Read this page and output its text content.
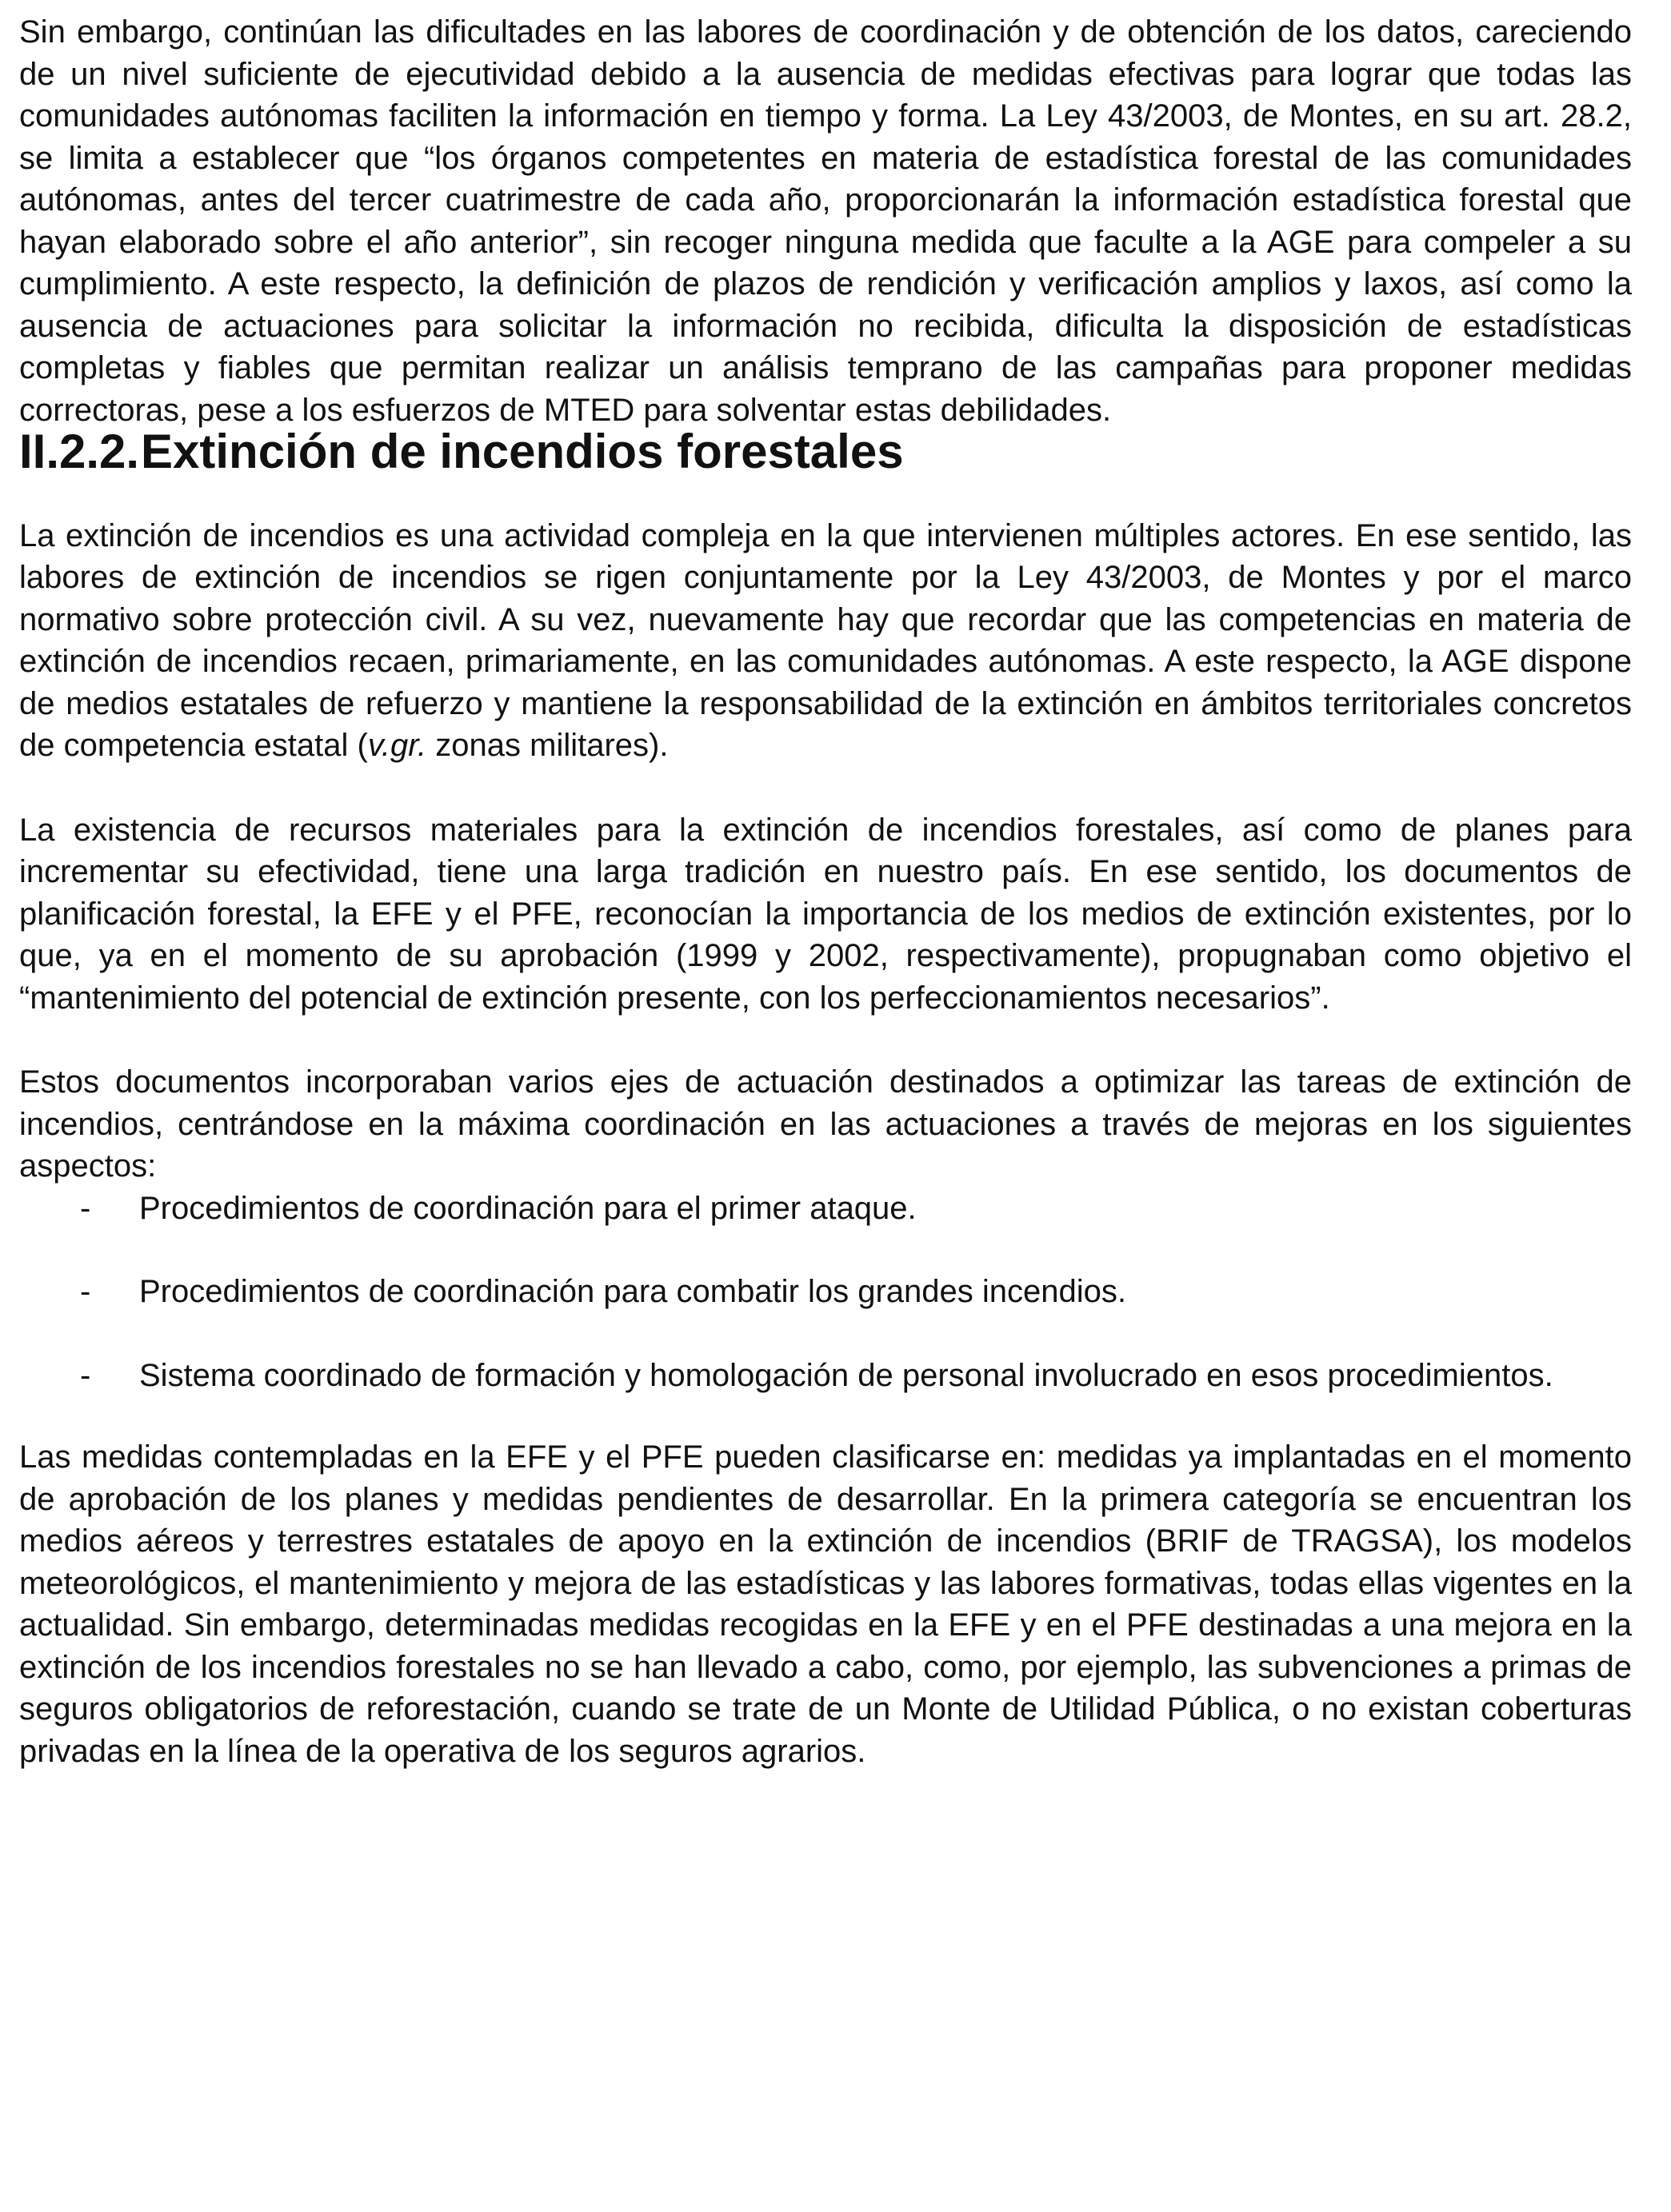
Sin embargo, continúan las dificultades en las labores de coordinación y de obtención de los datos, careciendo de un nivel suficiente de ejecutividad debido a la ausencia de medidas efectivas para lograr que todas las comunidades autónomas faciliten la información en tiempo y forma. La Ley 43/2003, de Montes, en su art. 28.2, se limita a establecer que “los órganos competentes en materia de estadística forestal de las comunidades autónomas, antes del tercer cuatrimestre de cada año, proporcionarán la información estadística forestal que hayan elaborado sobre el año anterior”, sin recoger ninguna medida que faculte a la AGE para compeler a su cumplimiento. A este respecto, la definición de plazos de rendición y verificación amplios y laxos, así como la ausencia de actuaciones para solicitar la información no recibida, dificulta la disposición de estadísticas completas y fiables que permitan realizar un análisis temprano de las campañas para proponer medidas correctoras, pese a los esfuerzos de MTED para solventar estas debilidades.

II.2.2. Extinción de incendios forestales

La extinción de incendios es una actividad compleja en la que intervienen múltiples actores. En ese sentido, las labores de extinción de incendios se rigen conjuntamente por la Ley 43/2003, de Montes y por el marco normativo sobre protección civil. A su vez, nuevamente hay que recordar que las competencias en materia de extinción de incendios recaen, primariamente, en las comunidades autónomas. A este respecto, la AGE dispone de medios estatales de refuerzo y mantiene la responsabilidad de la extinción en ámbitos territoriales concretos de competencia estatal (v.gr. zonas militares).

La existencia de recursos materiales para la extinción de incendios forestales, así como de planes para incrementar su efectividad, tiene una larga tradición en nuestro país. En ese sentido, los documentos de planificación forestal, la EFE y el PFE, reconocían la importancia de los medios de extinción existentes, por lo que, ya en el momento de su aprobación (1999 y 2002, respectivamente), propugnaban como objetivo el “mantenimiento del potencial de extinción presente, con los perfeccionamientos necesarios”.

Estos documentos incorporaban varios ejes de actuación destinados a optimizar las tareas de extinción de incendios, centrándose en la máxima coordinación en las actuaciones a través de mejoras en los siguientes aspectos:

- Procedimientos de coordinación para el primer ataque.
- Procedimientos de coordinación para combatir los grandes incendios.
- Sistema coordinado de formación y homologación de personal involucrado en esos procedimientos.

Las medidas contempladas en la EFE y el PFE pueden clasificarse en: medidas ya implantadas en el momento de aprobación de los planes y medidas pendientes de desarrollar. En la primera categoría se encuentran los medios aéreos y terrestres estatales de apoyo en la extinción de incendios (BRIF de TRAGSA), los modelos meteorológicos, el mantenimiento y mejora de las estadísticas y las labores formativas, todas ellas vigentes en la actualidad. Sin embargo, determinadas medidas recogidas en la EFE y en el PFE destinadas a una mejora en la extinción de los incendios forestales no se han llevado a cabo, como, por ejemplo, las subvenciones a primas de seguros obligatorios de reforestación, cuando se trate de un Monte de Utilidad Pública, o no existan coberturas privadas en la línea de la operativa de los seguros agrarios.
